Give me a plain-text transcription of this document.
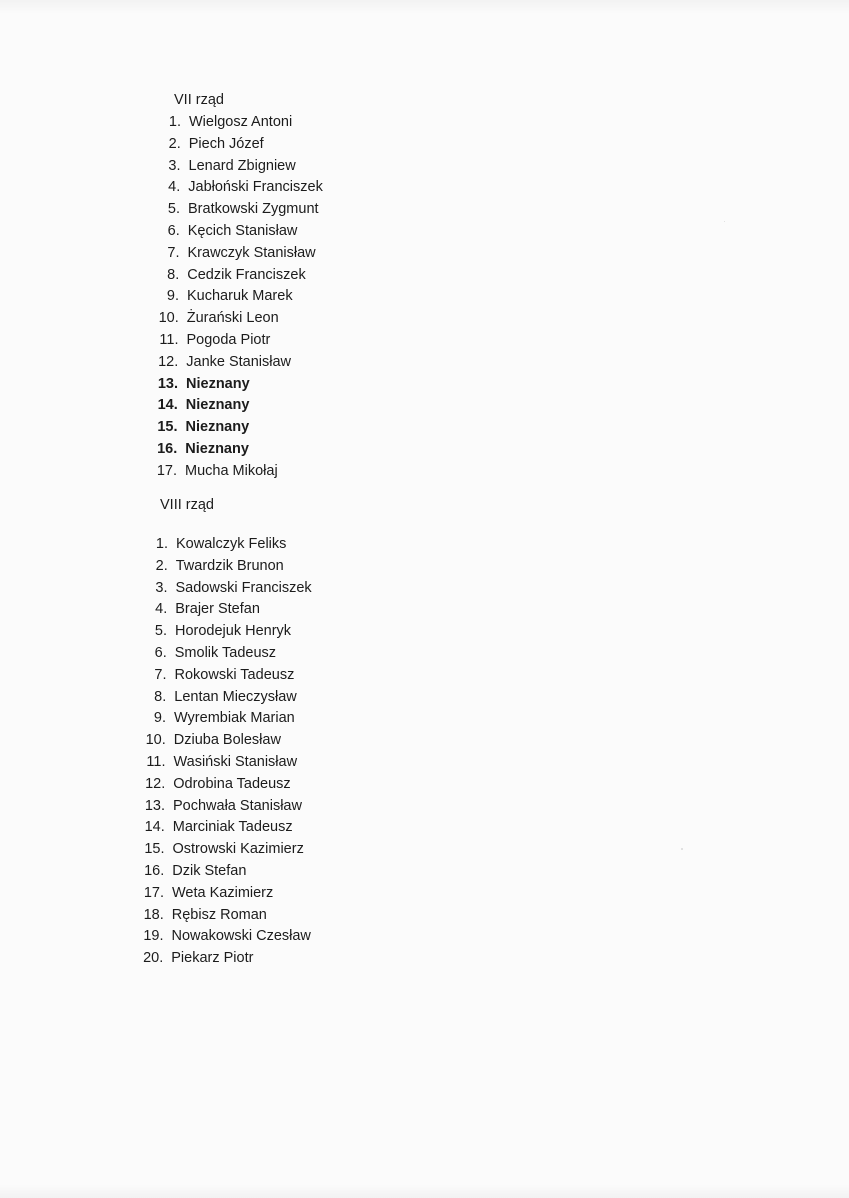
VII rząd
1. Wielgosz Antoni
2. Piech Józef
3. Lenard Zbigniew
4. Jabłoński Franciszek
5. Bratkowski Zygmunt
6. Kęcich Stanisław
7. Krawczyk Stanisław
8. Cedzik Franciszek
9. Kucharuk Marek
10. Żurański Leon
11. Pogoda Piotr
12. Janke Stanisław
13. Nieznany
14. Nieznany
15. Nieznany
16. Nieznany
17. Mucha Mikołaj
VIII rząd
1. Kowalczyk Feliks
2. Twardzik Brunon
3. Sadowski Franciszek
4. Brajer Stefan
5. Horodejuk Henryk
6. Smolik Tadeusz
7. Rokowski Tadeusz
8. Lentan Mieczysław
9. Wyrembiak Marian
10. Dziuba Bolesław
11. Wasiński Stanisław
12. Odrobina Tadeusz
13. Pochwała Stanisław
14. Marciniak Tadeusz
15. Ostrowski Kazimierz
16. Dzik Stefan
17. Weta Kazimierz
18. Rębisz Roman
19. Nowakowski Czesław
20. Piekarz Piotr
